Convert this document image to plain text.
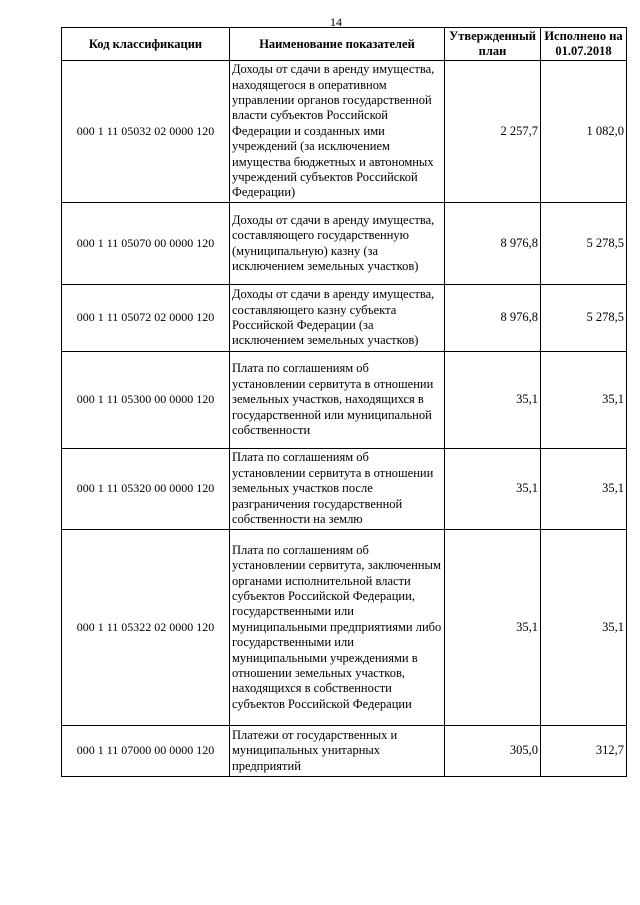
14
Код классификации	Наименование показателей	Утвержденный план	Исполнено на 01.07.2018
000 1 11 05032 02 0000 120	Доходы от сдачи в аренду имущества, находящегося в оперативном управлении органов государственной власти субъектов Российской Федерации и созданных ими учреждений (за исключением имущества бюджетных и автономных учреждений субъектов Российской Федерации)	2 257,7	1 082,0
000 1 11 05070 00 0000 120	Доходы от сдачи в аренду имущества, составляющего государственную (муниципальную) казну (за исключением земельных участков)	8 976,8	5 278,5
000 1 11 05072 02 0000 120	Доходы от сдачи в аренду имущества, составляющего казну субъекта Российской Федерации (за исключением земельных участков)	8 976,8	5 278,5
000 1 11 05300 00 0000 120	Плата по соглашениям об установлении сервитута в отношении земельных участков, находящихся в государственной или муниципальной собственности	35,1	35,1
000 1 11 05320 00 0000 120	Плата по соглашениям об установлении сервитута в отношении земельных участков после разграничения государственной собственности на землю	35,1	35,1
000 1 11 05322 02 0000 120	Плата по соглашениям об установлении сервитута, заключенным органами исполнительной власти субъектов Российской Федерации, государственными или муниципальными предприятиями либо государственными или муниципальными учреждениями в отношении земельных участков, находящихся в собственности субъектов Российской Федерации	35,1	35,1
000 1 11 07000 00 0000 120	Платежи от государственных и муниципальных унитарных предприятий	305,0	312,7
